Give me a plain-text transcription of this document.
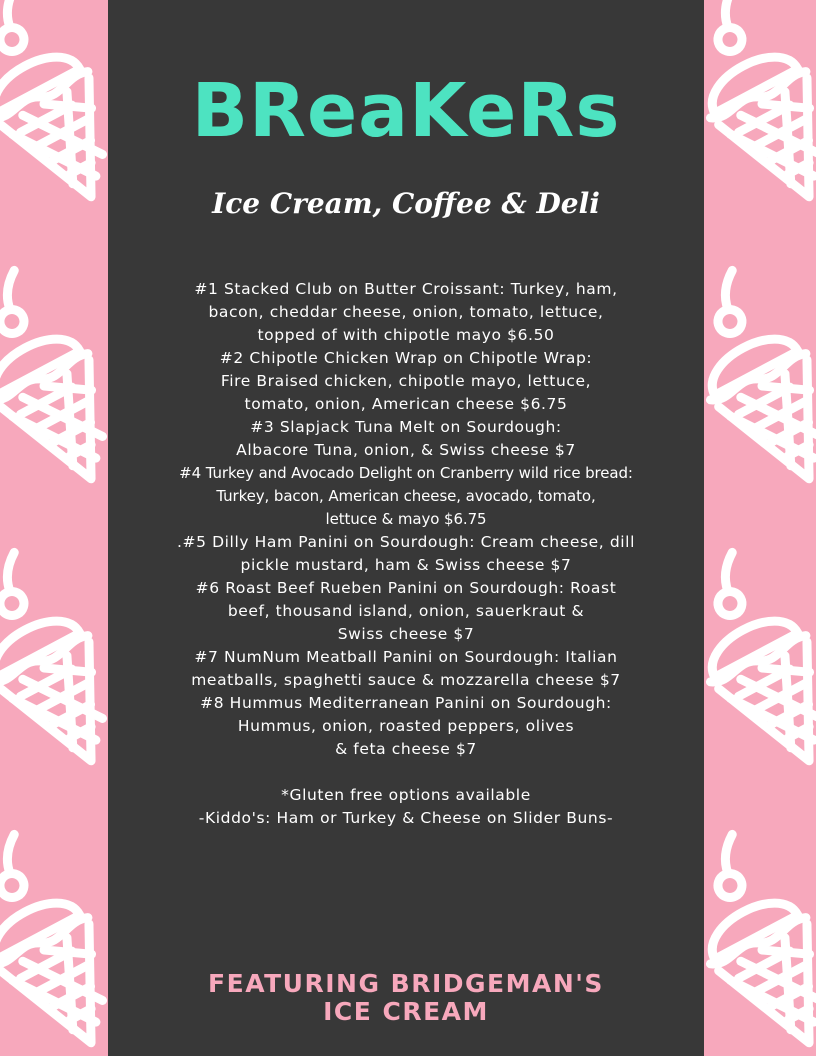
BReaKeRs
Ice Cream, Coffee & Deli
#1 Stacked Club on Butter Croissant: Turkey, ham,
bacon, cheddar cheese, onion, tomato, lettuce,
topped of with chipotle mayo $6.50
#2 Chipotle Chicken Wrap on Chipotle Wrap:
Fire Braised chicken, chipotle mayo, lettuce,
tomato, onion, American cheese $6.75
#3 Slapjack Tuna Melt on Sourdough:
Albacore Tuna, onion, & Swiss cheese $7
#4 Turkey and Avocado Delight on Cranberry wild rice bread:
Turkey, bacon, American cheese, avocado, tomato,
lettuce & mayo $6.75
.#5 Dilly Ham Panini on Sourdough: Cream cheese, dill
pickle mustard, ham & Swiss cheese $7
#6 Roast Beef Rueben Panini on Sourdough: Roast
beef, thousand island, onion, sauerkraut &
Swiss cheese $7
#7 NumNum Meatball Panini on Sourdough: Italian
meatballs, spaghetti sauce & mozzarella cheese $7
#8 Hummus Mediterranean Panini on Sourdough:
Hummus, onion, roasted peppers, olives
& feta cheese $7
*Gluten free options available
-Kiddo's: Ham or Turkey & Cheese on Slider Buns-
FEATURING BRIDGEMAN'S
ICE CREAM
